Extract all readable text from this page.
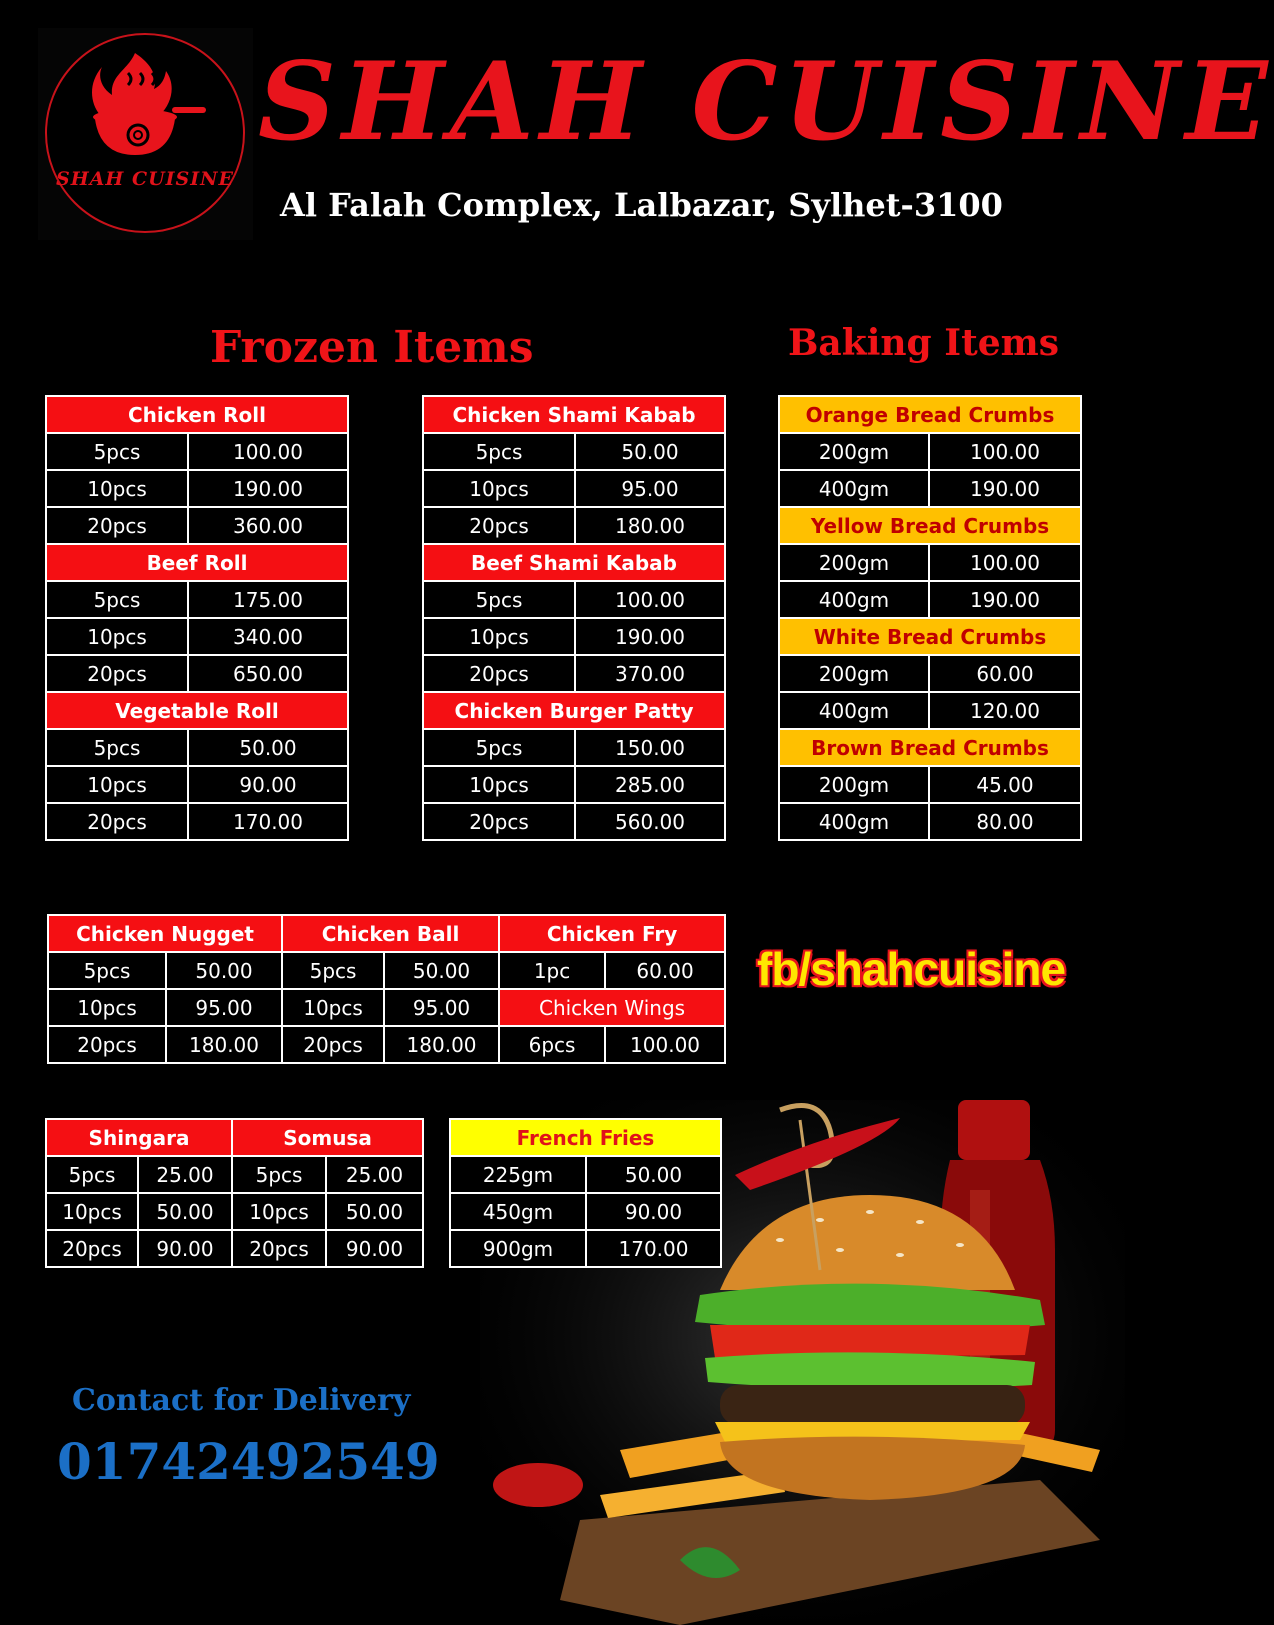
SHAH CUISINE
SHAH CUISINE
Al Falah Complex, Lalbazar, Sylhet-3100
Frozen Items	Baking Items
Chicken Roll	
5pcs	100.00
10pcs	190.00
20pcs	360.00
Beef Roll	
5pcs	175.00
10pcs	340.00
20pcs	650.00
Vegetable Roll	
5pcs	50.00
10pcs	90.00
20pcs	170.00
Chicken Shami Kabab	
5pcs	50.00
10pcs	95.00
20pcs	180.00
Beef Shami Kabab	
5pcs	100.00
10pcs	190.00
20pcs	370.00
Chicken Burger Patty	
5pcs	150.00
10pcs	285.00
20pcs	560.00
Orange Bread Crumbs	
200gm	100.00
400gm	190.00
Yellow Bread Crumbs	
200gm	100.00
400gm	190.00
White Bread Crumbs	
200gm	60.00
400gm	120.00
Brown Bread Crumbs	
200gm	45.00
400gm	80.00
Chicken Nugget		Chicken Ball		Chicken Fry	
5pcs	50.00	5pcs	50.00	1pc	60.00
10pcs	95.00	10pcs	95.00	Chicken Wings	
20pcs	180.00	20pcs	180.00	6pcs	100.00
fb/shahcuisine
Shingara		Somusa	
5pcs	25.00	5pcs	25.00
10pcs	50.00	10pcs	50.00
20pcs	90.00	20pcs	90.00
French Fries	
225gm	50.00
450gm	90.00
900gm	170.00
Contact for Delivery
01742492549
